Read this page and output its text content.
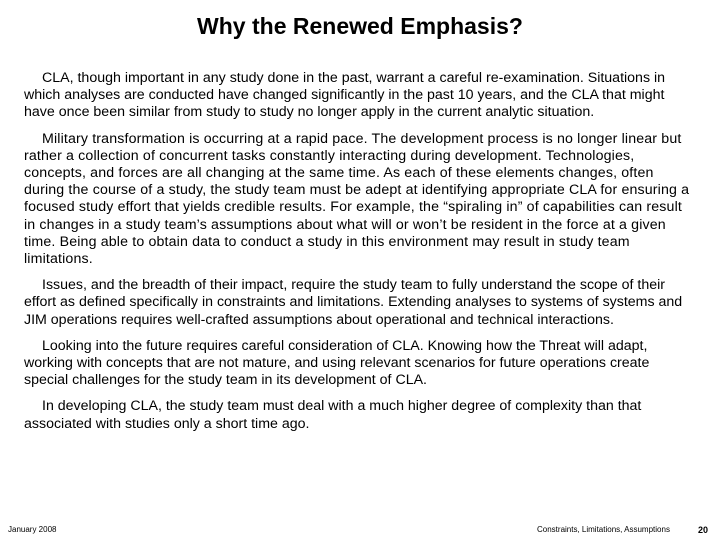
Why the Renewed Emphasis?

CLA, though important in any study done in the past, warrant a careful re-examination. Situations in which analyses are conducted have changed significantly in the past 10 years, and the CLA that might have once been similar from study to study no longer apply in the current analytic situation.

Military transformation is occurring at a rapid pace. The development process is no longer linear but rather a collection of concurrent tasks constantly interacting during development. Technologies, concepts, and forces are all changing at the same time. As each of these elements changes, often during the course of a study, the study team must be adept at identifying appropriate CLA for ensuring a focused study effort that yields credible results. For example, the “spiraling in” of capabilities can result in changes in a study team’s assumptions about what will or won’t be resident in the force at a given time. Being able to obtain data to conduct a study in this environment may result in study team limitations.

Issues, and the breadth of their impact, require the study team to fully understand the scope of their effort as defined specifically in constraints and limitations. Extending analyses to systems of systems and JIM operations requires well-crafted assumptions about operational and technical interactions.

Looking into the future requires careful consideration of CLA. Knowing how the Threat will adapt, working with concepts that are not mature, and using relevant scenarios for future operations create special challenges for the study team in its development of CLA.

In developing CLA, the study team must deal with a much higher degree of complexity than that associated with studies only a short time ago.

January 2008	Constraints, Limitations, Assumptions	20
